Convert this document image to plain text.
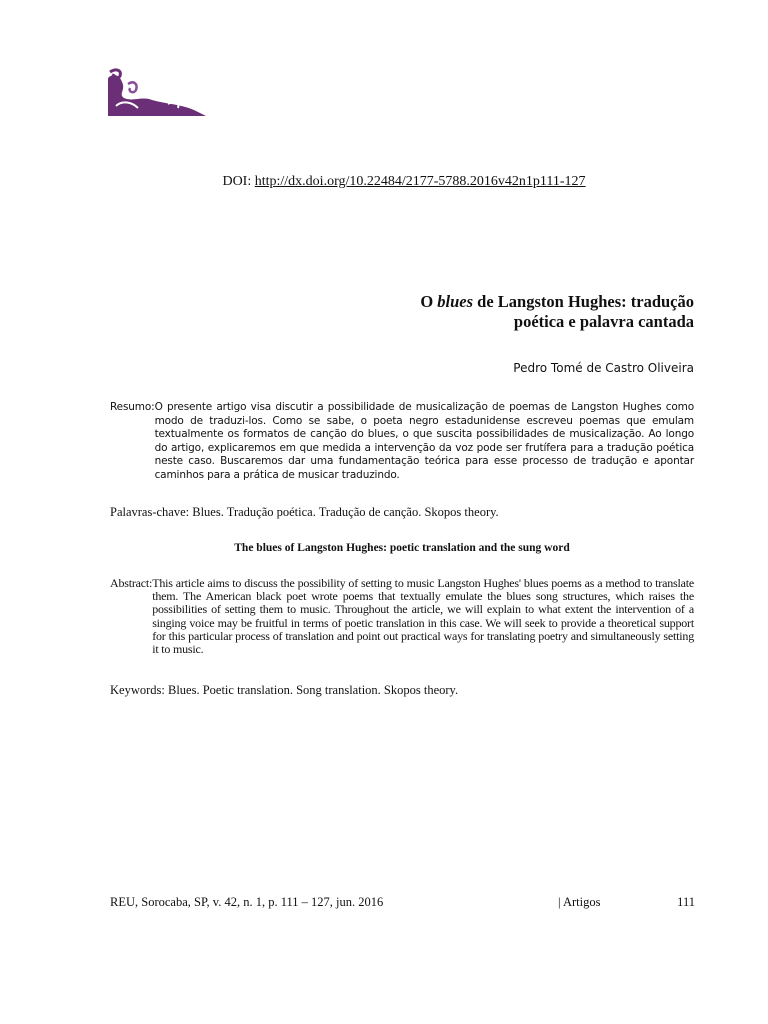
DOI: http://dx.doi.org/10.22484/2177-5788.2016v42n1p111-127
O blues de Langston Hughes: tradução
poética e palavra cantada
Pedro Tomé de Castro Oliveira
Resumo: O presente artigo visa discutir a possibilidade de musicalização de poemas de Langston Hughes como modo de traduzi-los. Como se sabe, o poeta negro estadunidense escreveu poemas que emulam textualmente os formatos de canção do blues, o que suscita possibilidades de musicalização. Ao longo do artigo, explicaremos em que medida a intervenção da voz pode ser frutífera para a tradução poética neste caso. Buscaremos dar uma fundamentação teórica para esse processo de tradução e apontar caminhos para a prática de musicar traduzindo.
Palavras-chave: Blues. Tradução poética. Tradução de canção. Skopos theory.
The blues of Langston Hughes: poetic translation and the sung word
Abstract: This article aims to discuss the possibility of setting to music Langston Hughes' blues poems as a method to translate them. The American black poet wrote poems that textually emulate the blues song structures, which raises the possibilities of setting them to music. Throughout the article, we will explain to what extent the intervention of a singing voice may be fruitful in terms of poetic translation in this case. We will seek to provide a theoretical support for this particular process of translation and point out practical ways for translating poetry and simultaneously setting it to music.
Keywords: Blues. Poetic translation. Song translation. Skopos theory.
REU, Sorocaba, SP, v. 42, n. 1, p. 111 – 127, jun. 2016	| Artigos	111
